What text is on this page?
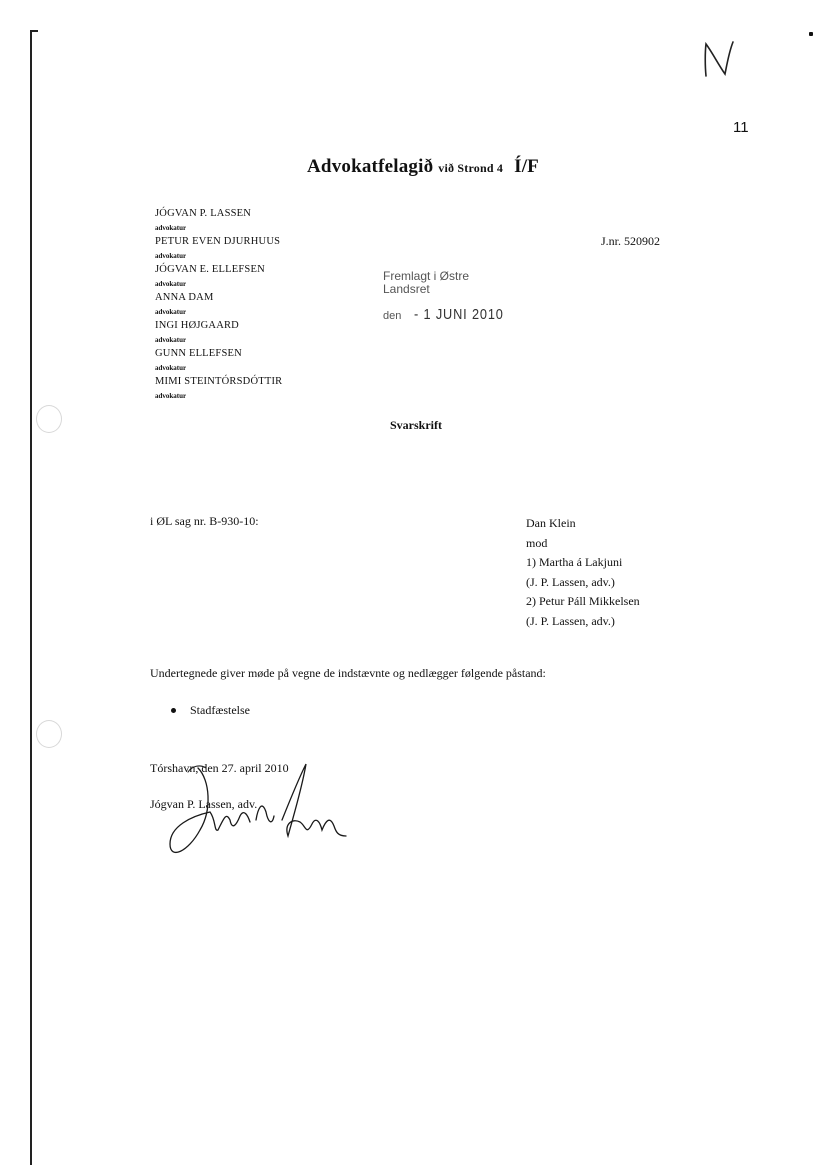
11
Advokatfelagið við Strond 4 Í/F
JÓGVAN P. LASSEN
advokatur
PETUR EVEN DJURHUUS
advokatur
JÓGVAN E. ELLEFSEN
advokatur
ANNA DAM
advokatur
INGI HØJGAARD
advokatur
GUNN ELLEFSEN
advokatur
MIMI STEINTÓRSDÓTTIR
advokatur
J.nr. 520902
Fremlagt i Østre
Landsret
den - 1 JUNI 2010
Svarskrift
i ØL sag nr. B-930-10:	Dan Klein
mod
1) Martha á Lakjuni
(J. P. Lassen, adv.)
2) Petur Páll Mikkelsen
(J. P. Lassen, adv.)
Undertegnede giver møde på vegne de indstævnte og nedlægger følgende påstand:
Stadfæstelse
Tórshavn, den 27. april 2010
Jógvan P. Lassen, adv.
